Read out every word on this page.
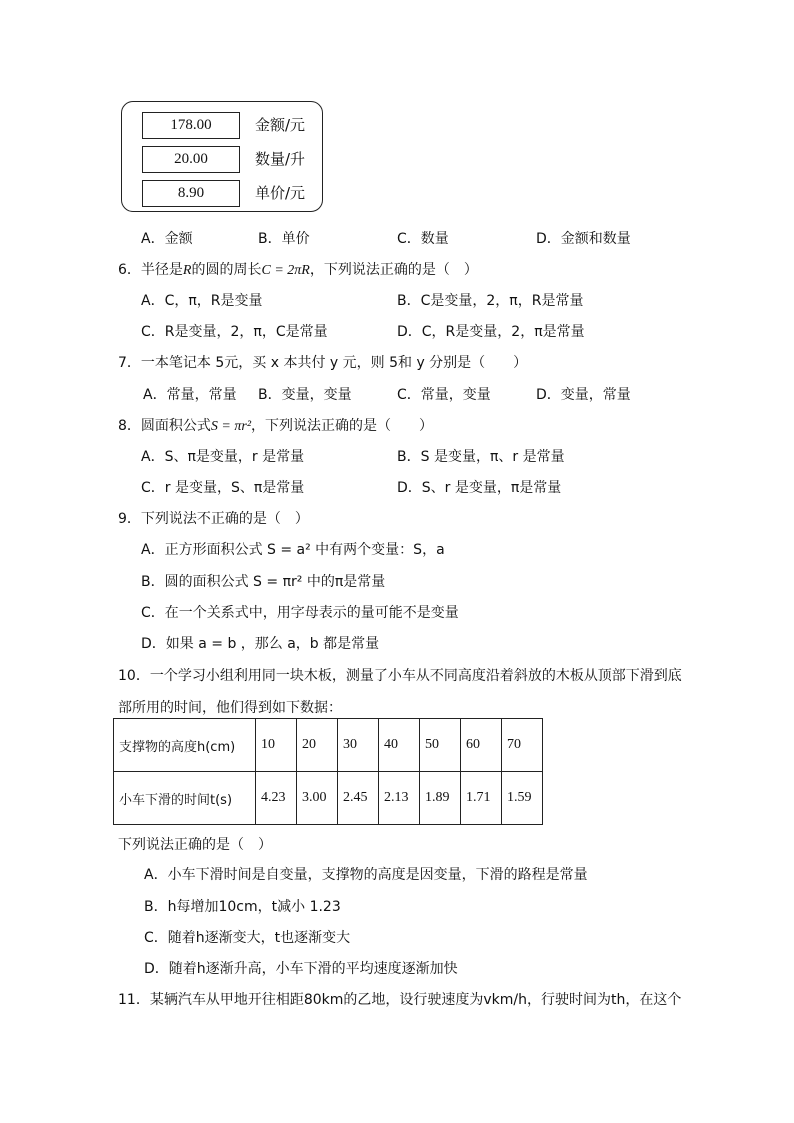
178.00	金额/元
20.00	数量/升
8.90	单价/元
A．金额	B．单价	C．数量	D．金额和数量
6．半径是R的圆的周长C = 2πR，下列说法正确的是（　）
A．C，π，R是变量	B．C是变量，2，π，R是常量
C．R是变量，2，π，C是常量	D．C，R是变量，2，π是常量
7．一本笔记本 5元，买 x 本共付 y 元，则 5和 y 分别是（　　）
A．常量，常量 B．变量，变量	C．常量，变量	D．变量，常量
8．圆面积公式S = πr²，下列说法正确的是（　　）
A．S、π是变量，r 是常量	B．S 是变量，π、r 是常量
C．r 是变量，S、π是常量	D．S、r 是变量，π是常量
9．下列说法不正确的是（　）
A．正方形面积公式 S = a² 中有两个变量：S，a
B．圆的面积公式 S = πr² 中的π是常量
C．在一个关系式中，用字母表示的量可能不是变量
D．如果 a = b ，那么 a，b 都是常量
10．一个学习小组利用同一块木板，测量了小车从不同高度沿着斜放的木板从顶部下滑到底
部所用的时间，他们得到如下数据：
支撑物的高度h(cm)	10	20	30	40	50	60	70
小车下滑的时间t(s)	4.23	3.00	2.45	2.13	1.89	1.71	1.59
下列说法正确的是（　）
A．小车下滑时间是自变量，支撑物的高度是因变量，下滑的路程是常量
B．h每增加10cm，t减小 1.23
C．随着h逐渐变大，t也逐渐变大
D．随着h逐渐升高，小车下滑的平均速度逐渐加快
11．某辆汽车从甲地开往相距80km的乙地，设行驶速度为vkm/h，行驶时间为th，在这个
